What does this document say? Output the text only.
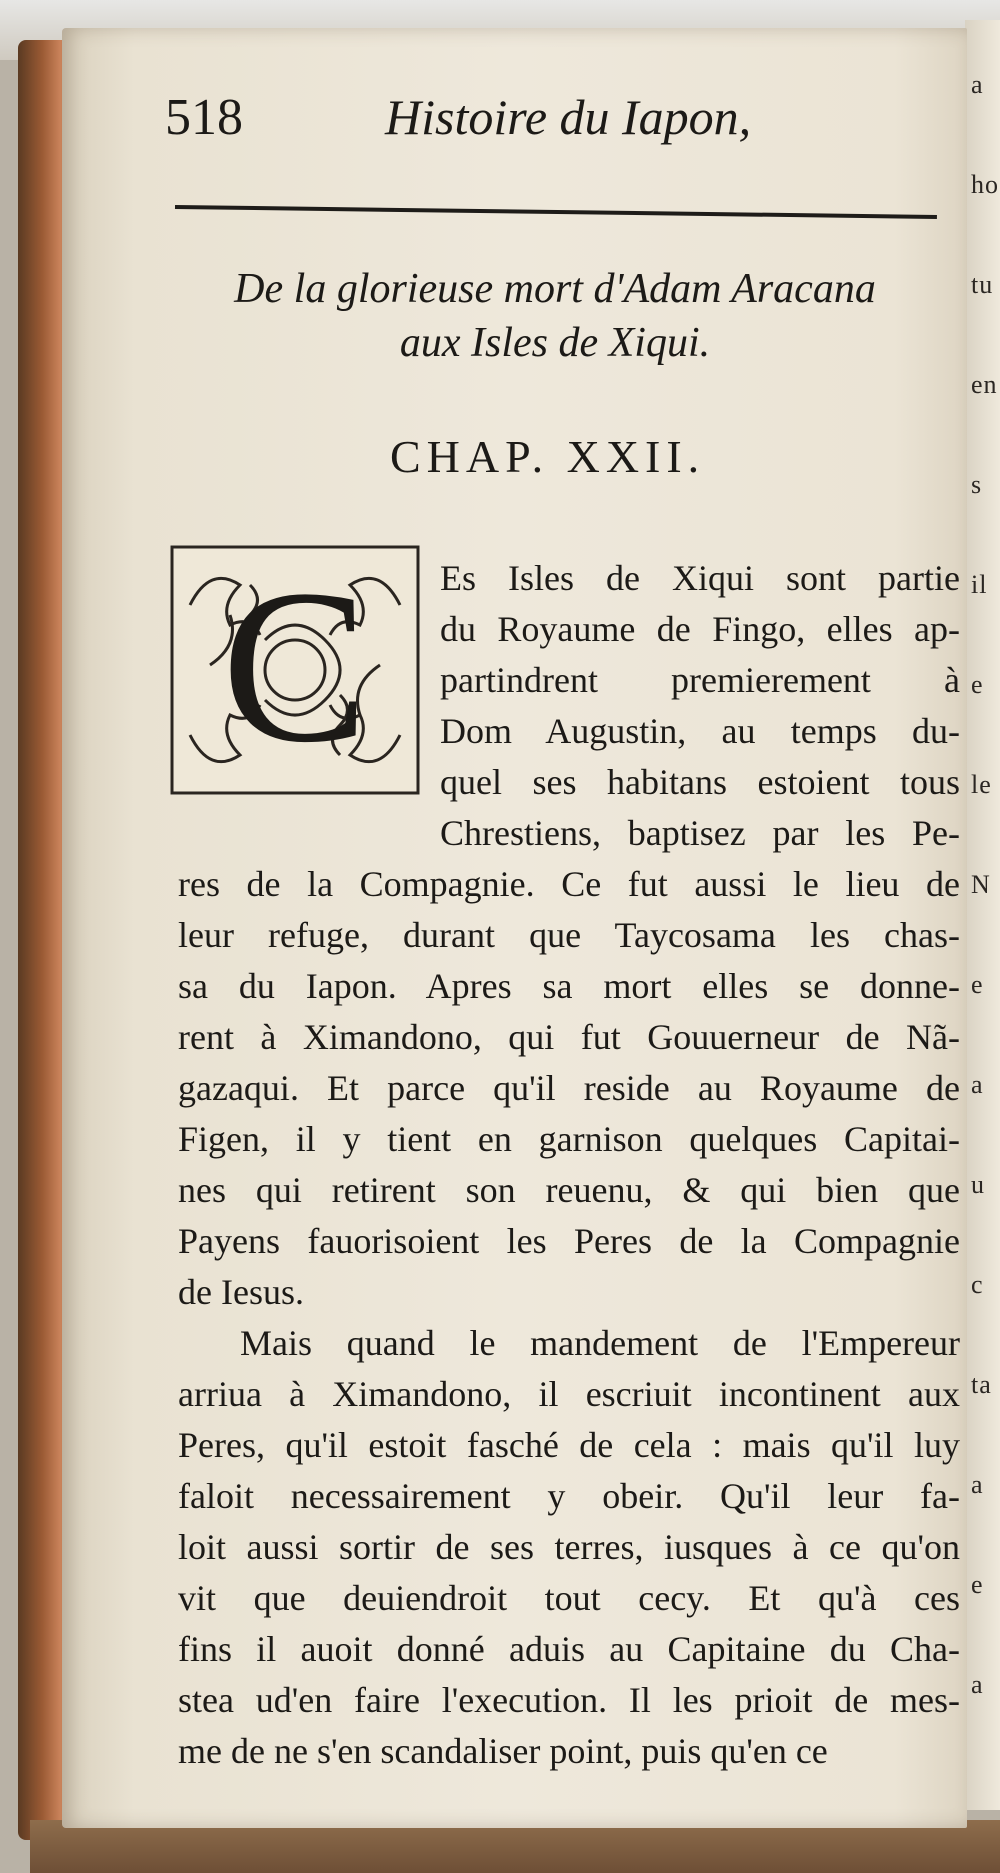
a
ho
tu
en
s
il
e
le
N
e
a
u
c
ta
a
e
a
518	Histoire du Iapon,
De la glorieuse mort d'Adam Aracana
aux Isles de Xiqui.
CHAP. XXII.
C Es Isles de Xiqui sont partie
du Royaume de Fingo, elles ap-
partindrent premierement à
Dom Augustin, au temps du-
quel ses habitans estoient tous
Chrestiens, baptisez par les Pe-
res de la Compagnie. Ce fut aussi le lieu de
leur refuge, durant que Taycosama les chas-
sa du Iapon. Apres sa mort elles se donne-
rent à Ximandono, qui fut Gouuerneur de Nã-
gazaqui. Et parce qu'il reside au Royaume de
Figen, il y tient en garnison quelques Capitai-
nes qui retirent son reuenu, & qui bien que
Payens fauorisoient les Peres de la Compagnie
de Iesus.
Mais quand le mandement de l'Empereur
arriua à Ximandono, il escriuit incontinent aux
Peres, qu'il estoit fasché de cela : mais qu'il luy
faloit necessairement y obeir. Qu'il leur fa-
loit aussi sortir de ses terres, iusques à ce qu'on
vit que deuiendroit tout cecy. Et qu'à ces
fins il auoit donné aduis au Capitaine du Cha-
stea ud'en faire l'execution. Il les prioit de mes-
me de ne s'en scandaliser point, puis qu'en ce
